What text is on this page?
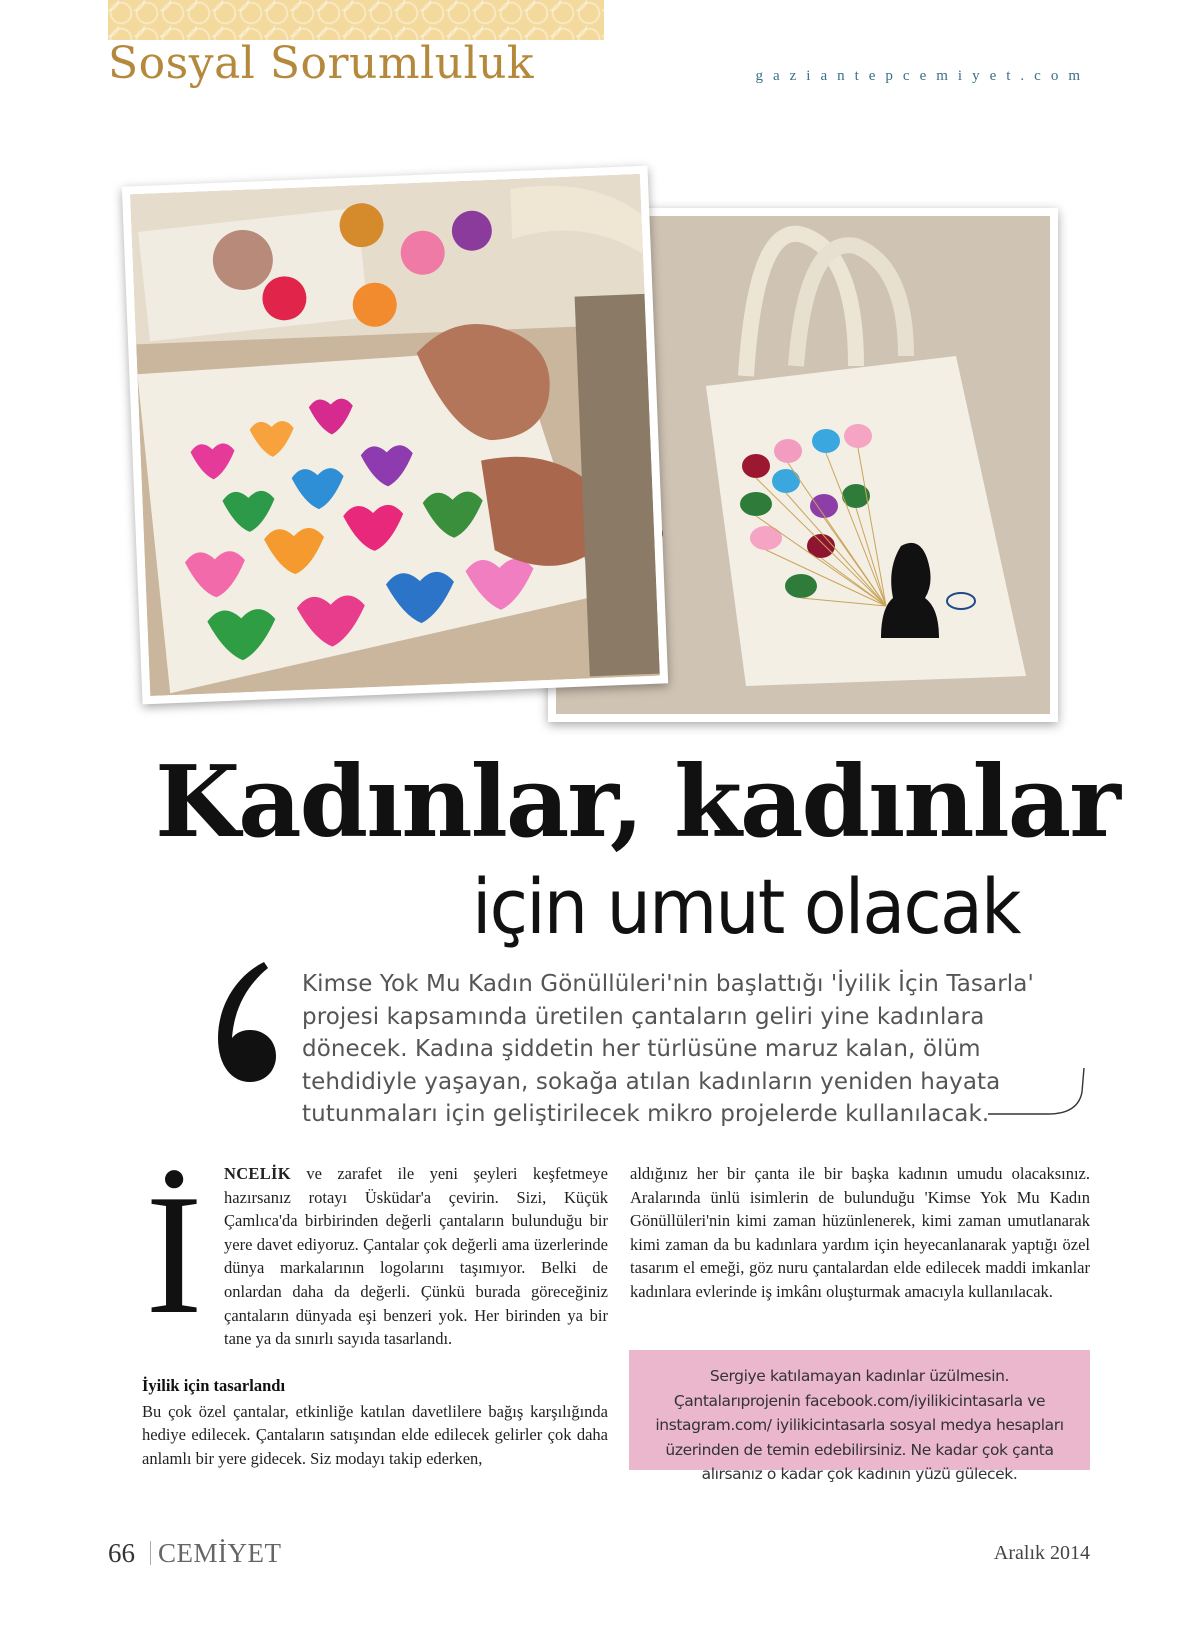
Sosyal Sorumluluk	gaziantepcemiyet.com
Kadınlar, kadınlar
için umut olacak
Kimse Yok Mu Kadın Gönüllüleri'nin başlattığı 'İyilik İçin Tasarla' projesi kapsamında üretilen çantaların geliri yine kadınlara dönecek. Kadına şiddetin her türlüsüne maruz kalan, ölüm tehdidiyle yaşayan, sokağa atılan kadınların yeniden hayata tutunmaları için geliştirilecek mikro projelerde kullanılacak.
İ NCELİK ve zarafet ile yeni şeyleri keşfetmeye hazırsanız rotayı Üsküdar'a çevirin. Sizi, Küçük Çamlıca'da birbirinden değerli çantaların bulunduğu bir yere davet ediyoruz. Çantalar çok değerli ama üzerlerinde dünya markalarının logolarını taşımıyor. Belki de onlardan daha da değerli. Çünkü burada göreceğiniz çantaların dünyada eşi benzeri yok. Her birinden ya bir tane ya da sınırlı sayıda tasarlandı.
İyilik için tasarlandı
Bu çok özel çantalar, etkinliğe katılan davetlilere bağış karşılığında hediye edilecek. Çantaların satışından elde edilecek gelirler çok daha anlamlı bir yere gidecek. Siz modayı takip ederken,
aldığınız her bir çanta ile bir başka kadının umudu olacaksınız. Aralarında ünlü isimlerin de bulunduğu 'Kimse Yok Mu Kadın Gönüllüleri'nin kimi zaman hüzünlenerek, kimi zaman umutlanarak kimi zaman da bu kadınlara yardım için heyecanlanarak yaptığı özel tasarım el emeği, göz nuru çantalardan elde edilecek maddi imkanlar kadınlara evlerinde iş imkânı oluşturmak amacıyla kullanılacak.
Sergiye katılamayan kadınlar üzülmesin. Çantalarıprojenin facebook.com/iyilikicintasarla ve instagram.com/ iyilikicintasarla sosyal medya hesapları üzerinden de temin edebilirsiniz. Ne kadar çok çanta alırsanız o kadar çok kadının yüzü gülecek.
66 CEMİYET	Aralık 2014
